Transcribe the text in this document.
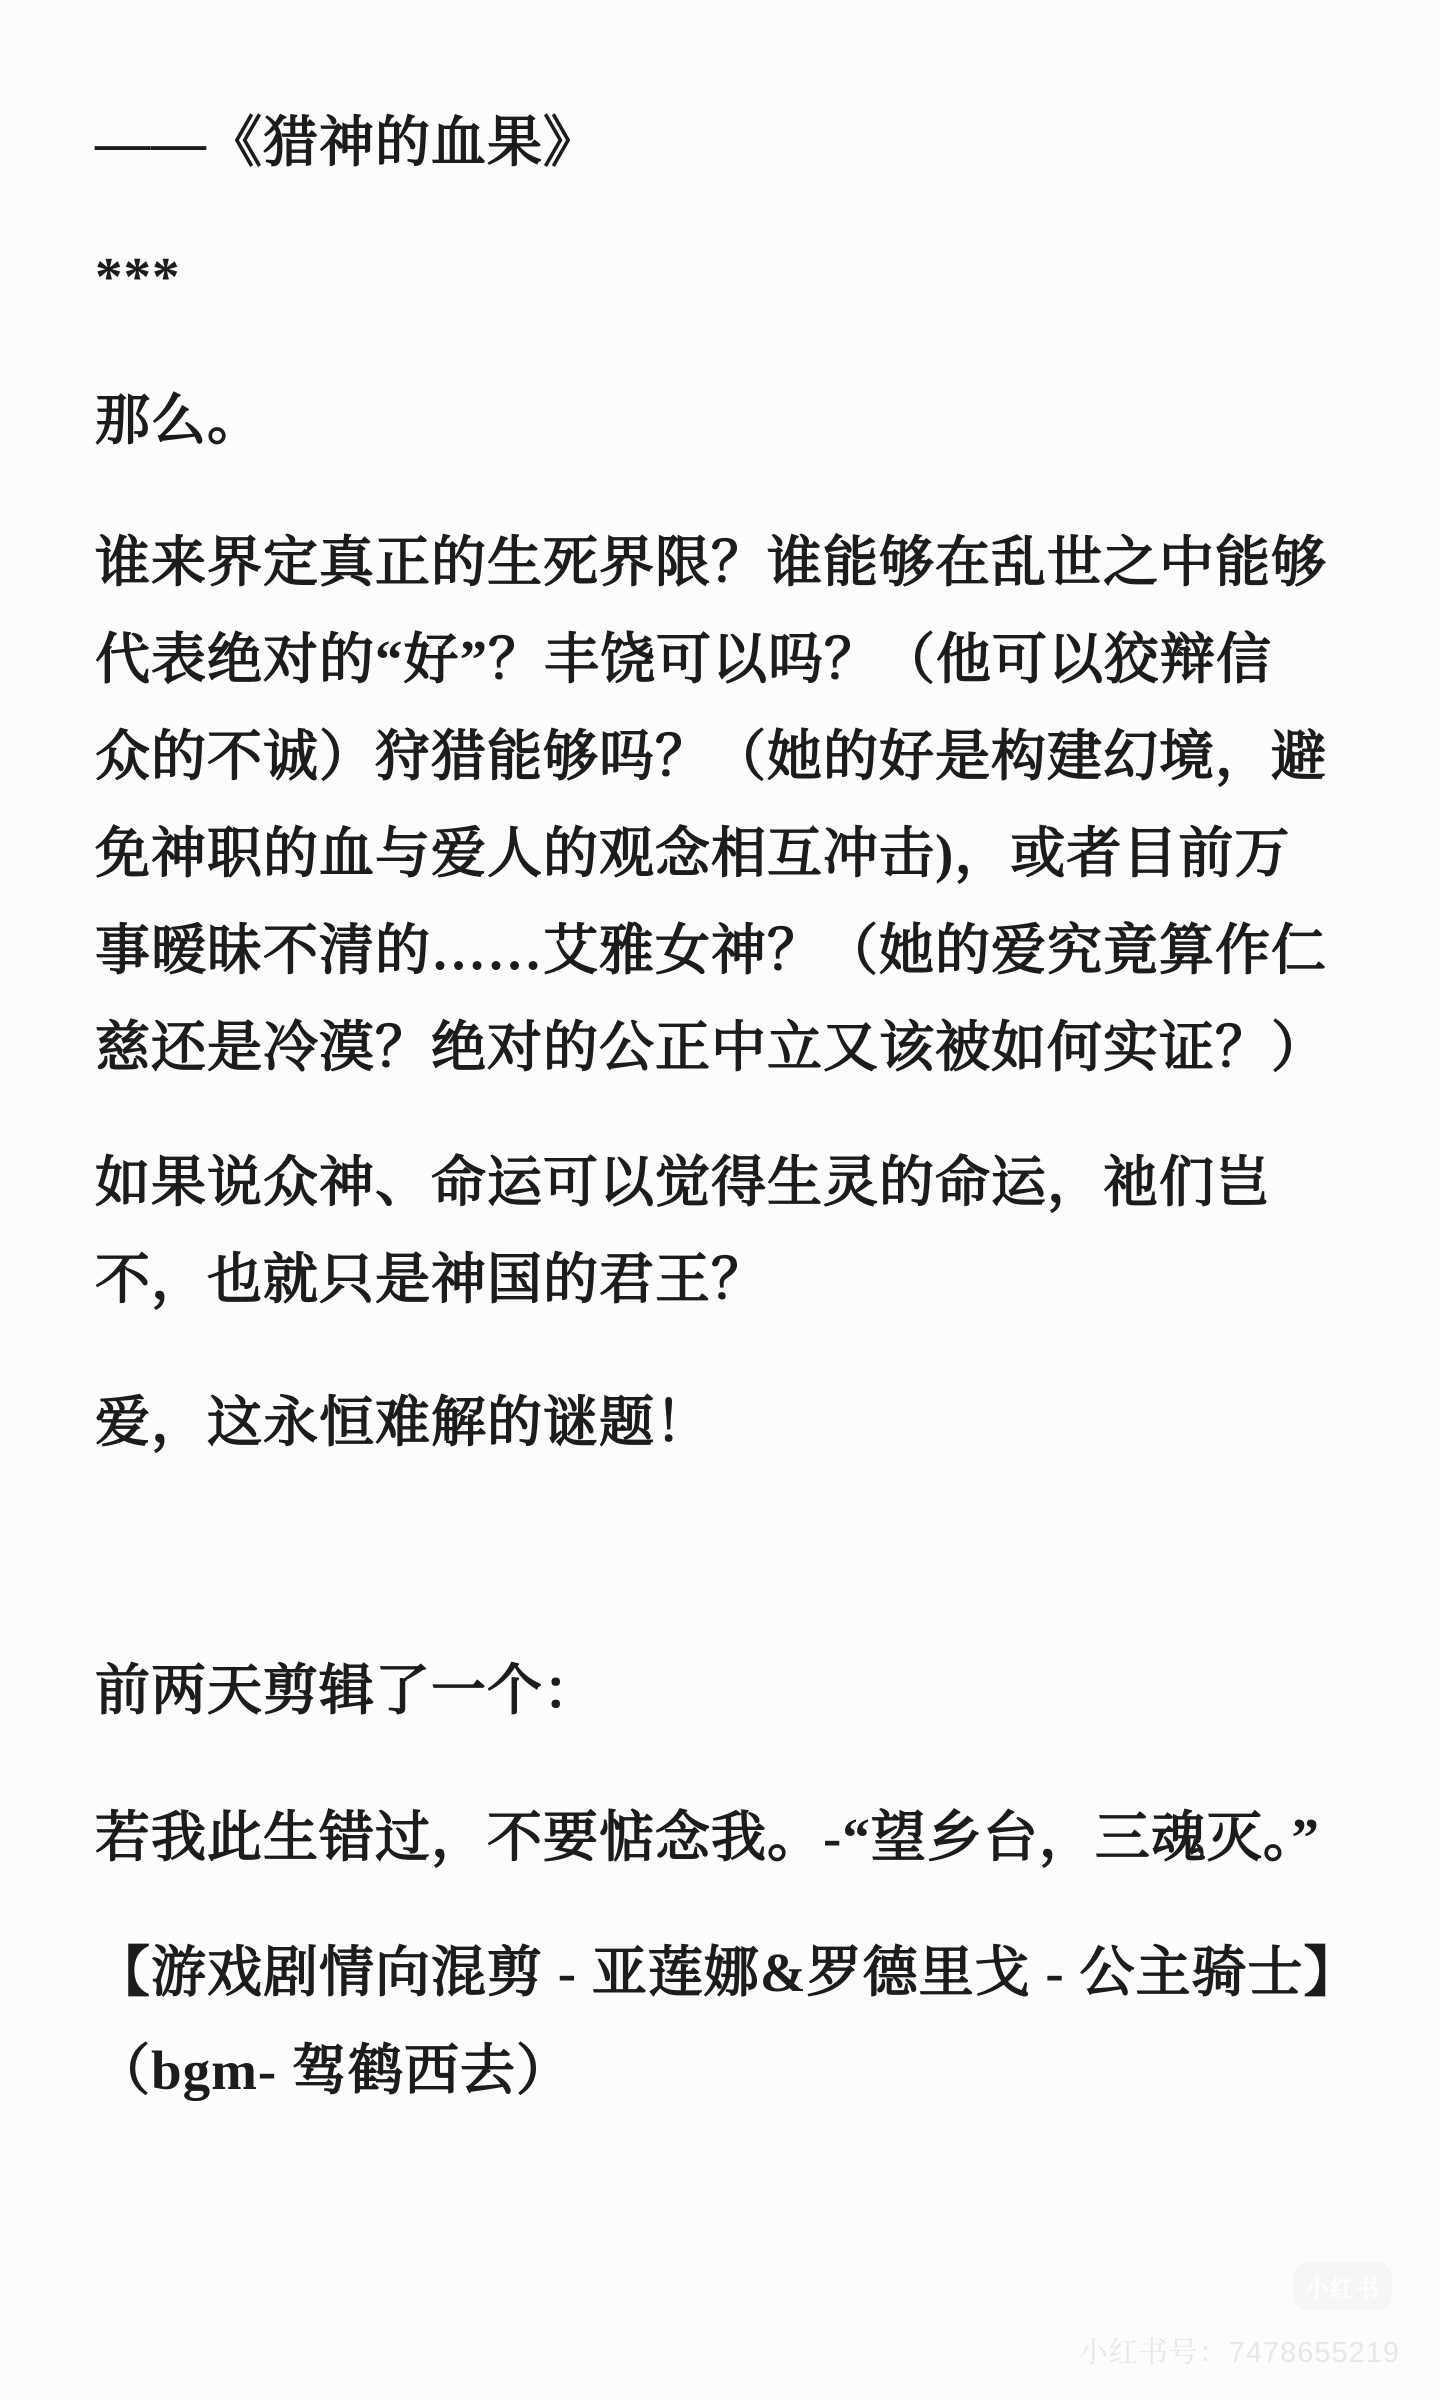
——《猎神的血果》
***
那么。
谁来界定真正的生死界限？谁能够在乱世之中能够
代表绝对的“好”？丰饶可以吗？（他可以狡辩信
众的不诚）狩猎能够吗？（她的好是构建幻境，避
免神职的血与爱人的观念相互冲击)，或者目前万
事暧昧不清的……艾雅女神？（她的爱究竟算作仁
慈还是冷漠？绝对的公正中立又该被如何实证？）
如果说众神、命运可以觉得生灵的命运，祂们岂
不，也就只是神国的君王？
爱，这永恒难解的谜题！
前两天剪辑了一个：
若我此生错过，不要惦念我。-“望乡台，三魂灭。”
【游戏剧情向混剪 - 亚莲娜&罗德里戈 - 公主骑士】
（bgm- 驾鹤西去）
小红书
小红书号：7478655219
